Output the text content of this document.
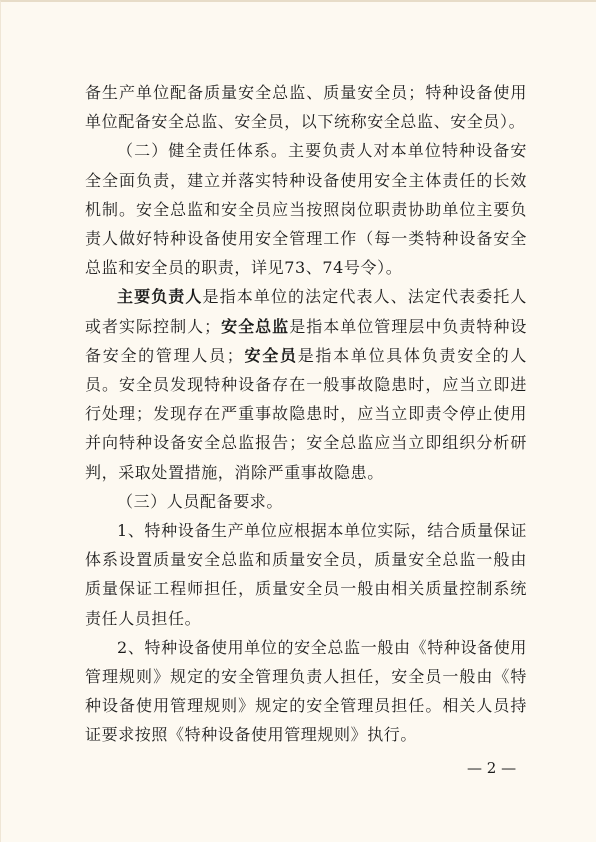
备生产单位配备质量安全总监、质量安全员；特种设备使用单位配备安全总监、安全员，以下统称安全总监、安全员）。

（二）健全责任体系。主要负责人对本单位特种设备安全全面负责，建立并落实特种设备使用安全主体责任的长效机制。安全总监和安全员应当按照岗位职责协助单位主要负责人做好特种设备使用安全管理工作（每一类特种设备安全总监和安全员的职责，详见73、74号令）。

主要负责人是指本单位的法定代表人、法定代表委托人或者实际控制人；安全总监是指本单位管理层中负责特种设备安全的管理人员；安全员是指本单位具体负责安全的人员。安全员发现特种设备存在一般事故隐患时，应当立即进行处理；发现存在严重事故隐患时，应当立即责令停止使用并向特种设备安全总监报告；安全总监应当立即组织分析研判，采取处置措施，消除严重事故隐患。

（三）人员配备要求。

1、特种设备生产单位应根据本单位实际，结合质量保证体系设置质量安全总监和质量安全员，质量安全总监一般由质量保证工程师担任，质量安全员一般由相关质量控制系统责任人员担任。

2、特种设备使用单位的安全总监一般由《特种设备使用管理规则》规定的安全管理负责人担任，安全员一般由《特种设备使用管理规则》规定的安全管理员担任。相关人员持证要求按照《特种设备使用管理规则》执行。

— 2 —
